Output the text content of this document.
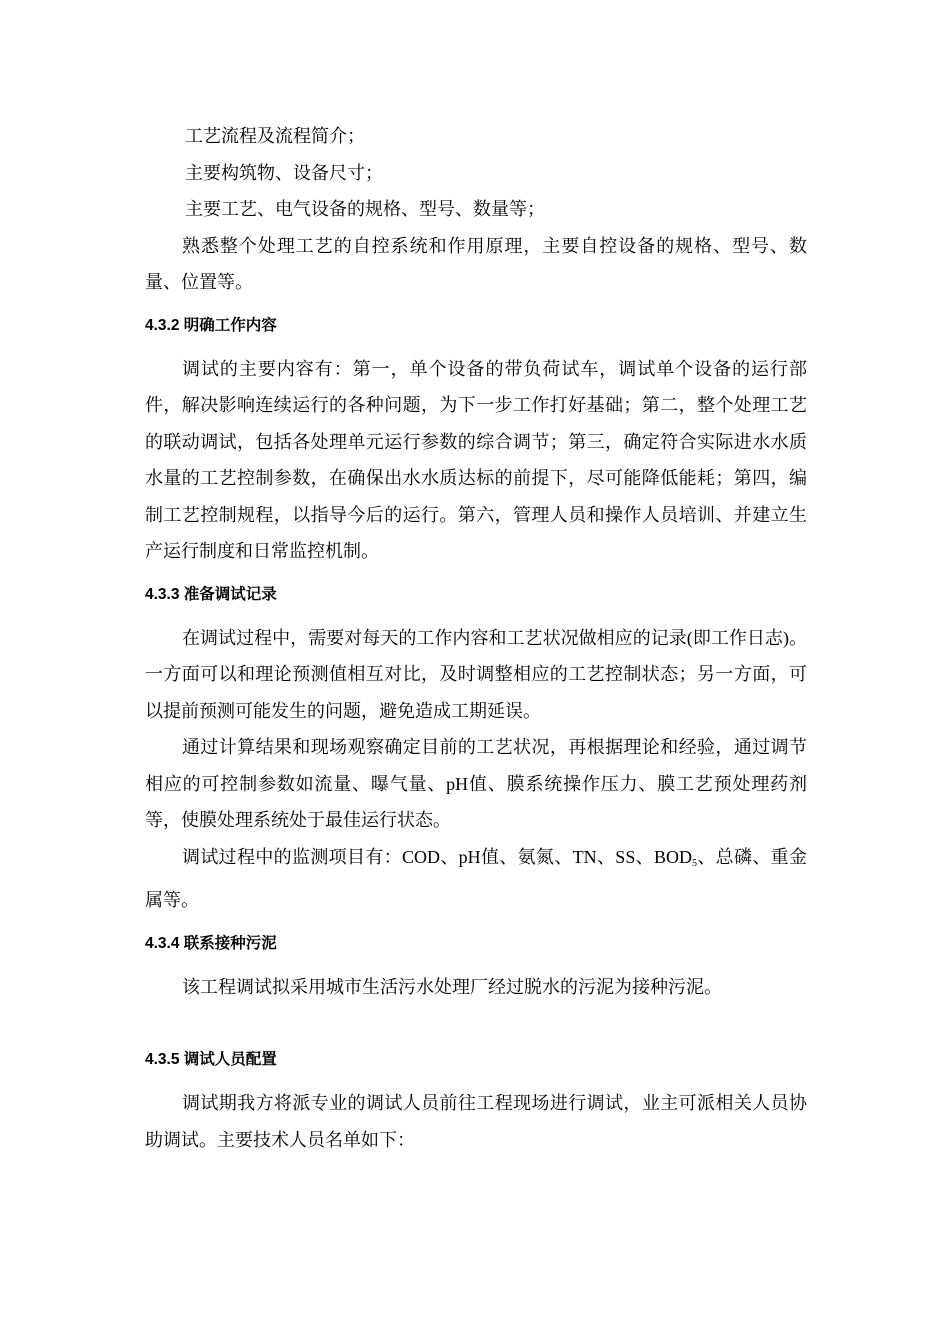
工艺流程及流程简介；

主要构筑物、设备尺寸；

主要工艺、电气设备的规格、型号、数量等；

熟悉整个处理工艺的自控系统和作用原理，主要自控设备的规格、型号、数量、位置等。

4.3.2 明确工作内容

调试的主要内容有：第一，单个设备的带负荷试车，调试单个设备的运行部件，解决影响连续运行的各种问题，为下一步工作打好基础；第二，整个处理工艺的联动调试，包括各处理单元运行参数的综合调节；第三，确定符合实际进水水质水量的工艺控制参数，在确保出水水质达标的前提下，尽可能降低能耗；第四，编制工艺控制规程，以指导今后的运行。第六，管理人员和操作人员培训、并建立生产运行制度和日常监控机制。

4.3.3 准备调试记录

在调试过程中，需要对每天的工作内容和工艺状况做相应的记录(即工作日志)。一方面可以和理论预测值相互对比，及时调整相应的工艺控制状态；另一方面，可以提前预测可能发生的问题，避免造成工期延误。

通过计算结果和现场观察确定目前的工艺状况，再根据理论和经验，通过调节相应的可控制参数如流量、曝气量、pH值、膜系统操作压力、膜工艺预处理药剂等，使膜处理系统处于最佳运行状态。

调试过程中的监测项目有：COD、pH值、氨氮、TN、SS、$BOD_5$、总磷、重金属等。

4.3.4 联系接种污泥

该工程调试拟采用城市生活污水处理厂经过脱水的污泥为接种污泥。

4.3.5 调试人员配置

调试期我方将派专业的调试人员前往工程现场进行调试，业主可派相关人员协助调试。主要技术人员名单如下：
